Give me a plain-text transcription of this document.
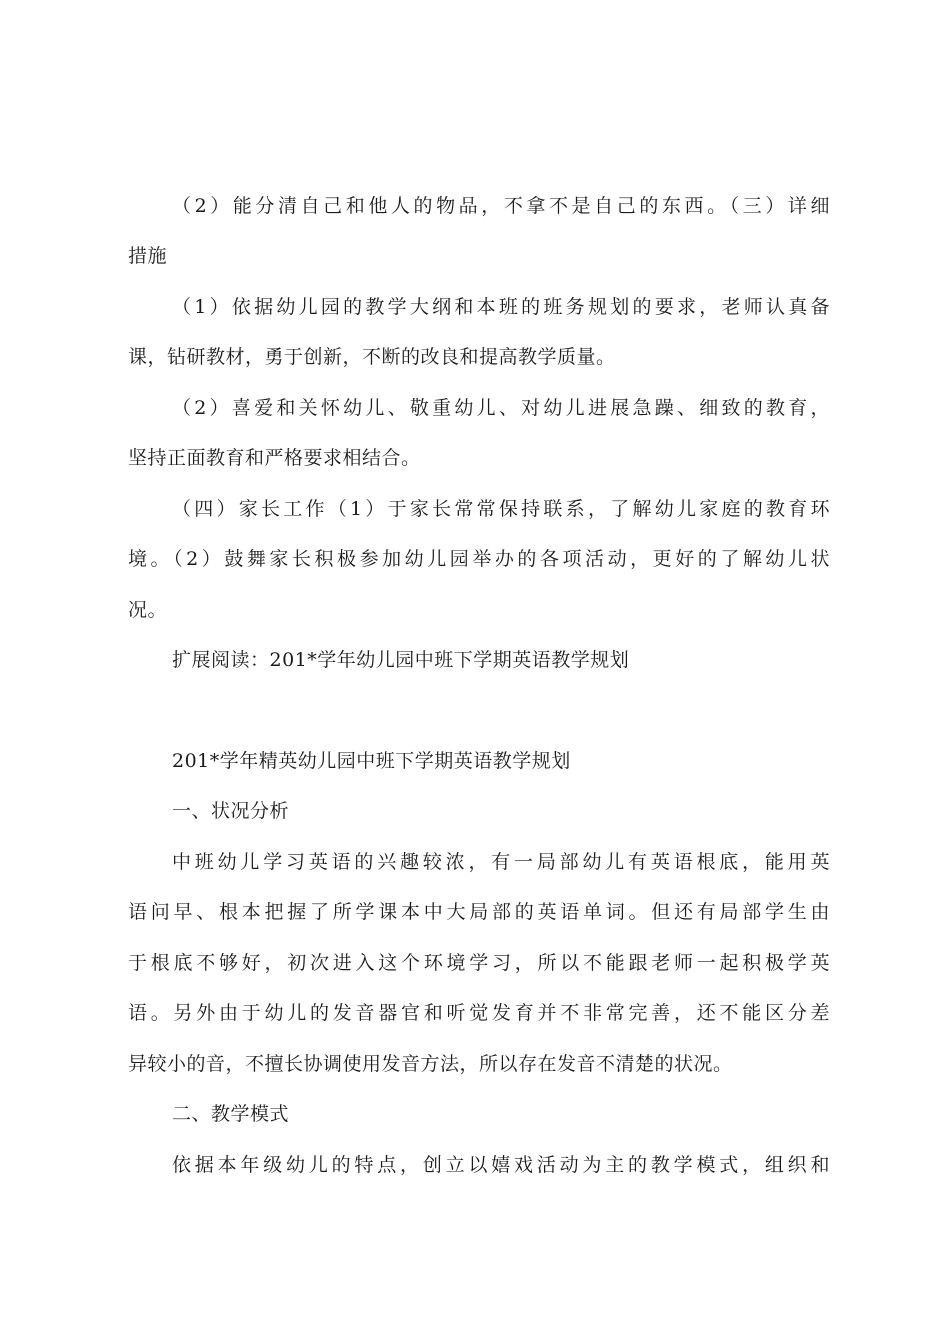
（2）能分清自己和他人的物品，不拿不是自己的东西。（三）详细
措施
（1）依据幼儿园的教学大纲和本班的班务规划的要求，老师认真备
课，钻研教材，勇于创新，不断的改良和提高教学质量。
（2）喜爱和关怀幼儿、敬重幼儿、对幼儿进展急躁、细致的教育，
坚持正面教育和严格要求相结合。
（四）家长工作（1）于家长常常保持联系，了解幼儿家庭的教育环
境。（2）鼓舞家长积极参加幼儿园举办的各项活动，更好的了解幼儿状
况。
扩展阅读：201*学年幼儿园中班下学期英语教学规划
201*学年精英幼儿园中班下学期英语教学规划
一、状况分析
中班幼儿学习英语的兴趣较浓，有一局部幼儿有英语根底，能用英
语问早、根本把握了所学课本中大局部的英语单词。但还有局部学生由
于根底不够好，初次进入这个环境学习，所以不能跟老师一起积极学英
语。另外由于幼儿的发音器官和听觉发育并不非常完善，还不能区分差
异较小的音，不擅长协调使用发音方法，所以存在发音不清楚的状况。
二、教学模式
依据本年级幼儿的特点，创立以嬉戏活动为主的教学模式，组织和
